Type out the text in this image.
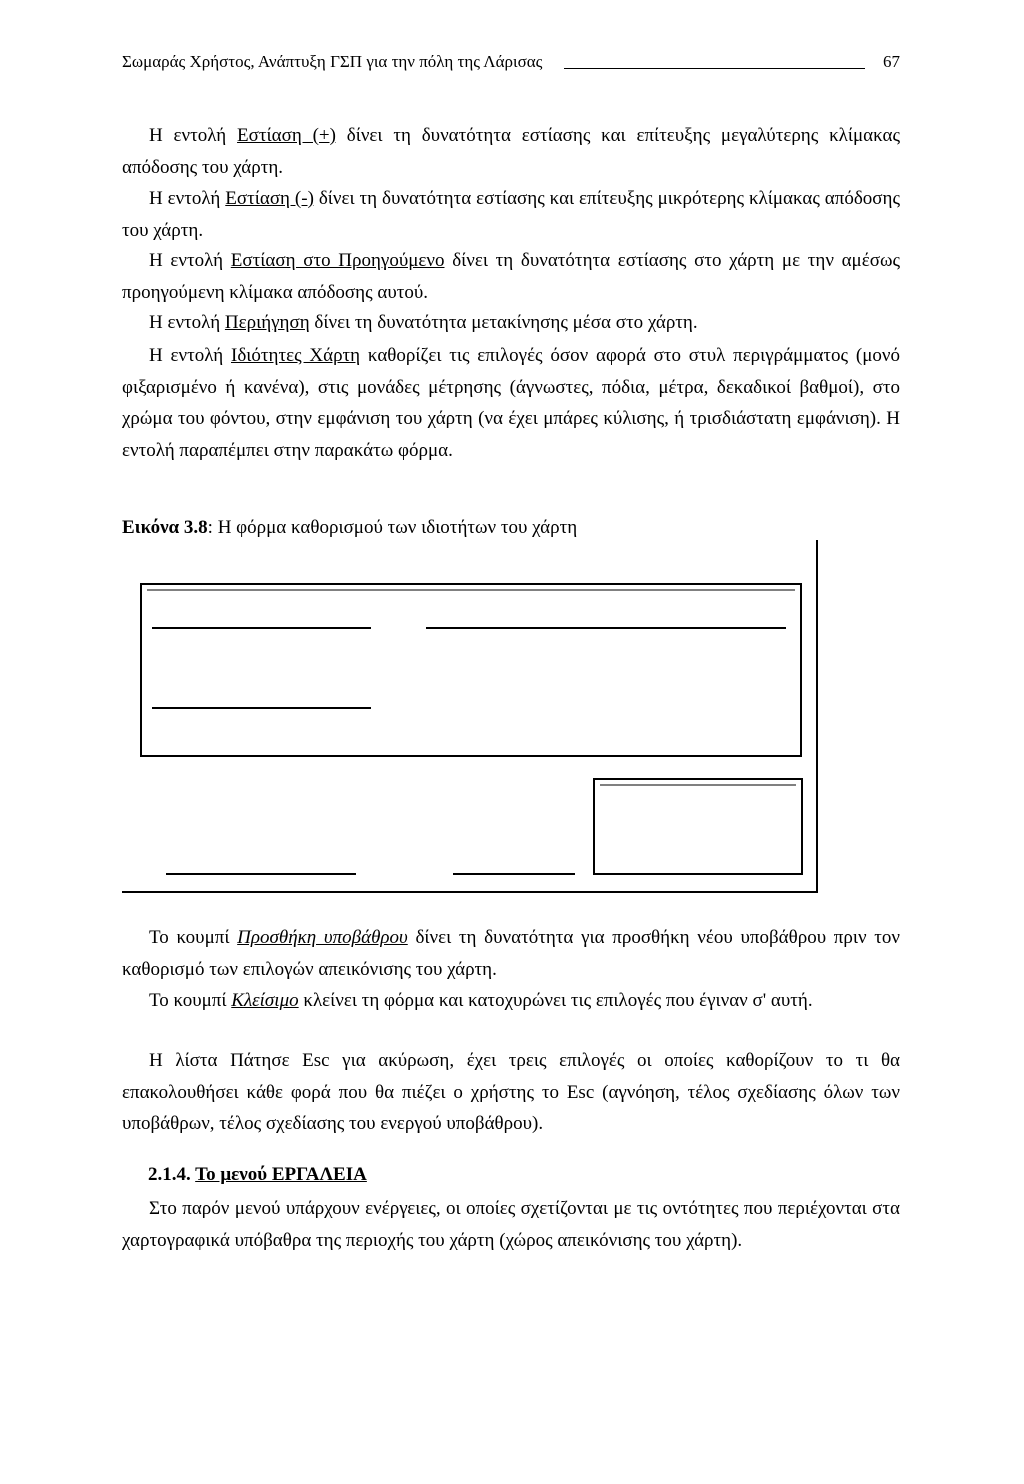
Σωμαράς Χρήστος, Ανάπτυξη ΓΣΠ για την πόλη της Λάρισας	67

Η εντολή Εστίαση (+) δίνει τη δυνατότητα εστίασης και επίτευξης μεγαλύτερης κλίμακας απόδοσης του χάρτη.

Η εντολή Εστίαση (-) δίνει τη δυνατότητα εστίασης και επίτευξης μικρότερης κλίμακας απόδοσης του χάρτη.

Η εντολή Εστίαση στο Προηγούμενο δίνει τη δυνατότητα εστίασης στο χάρτη με την αμέσως προηγούμενη κλίμακα απόδοσης αυτού.

Η εντολή Περιήγηση δίνει τη δυνατότητα μετακίνησης μέσα στο χάρτη.

Η εντολή Ιδιότητες Χάρτη καθορίζει τις επιλογές όσον αφορά στο στυλ περιγράμματος (μονό φιξαρισμένο ή κανένα), στις μονάδες μέτρησης (άγνωστες, πόδια, μέτρα, δεκαδικοί βαθμοί), στο χρώμα του φόντου, στην εμφάνιση του χάρτη (να έχει μπάρες κύλισης, ή τρισδιάστατη εμφάνιση). Η εντολή παραπέμπει στην παρακάτω φόρμα.

Εικόνα 3.8: Η φόρμα καθορισμού των ιδιοτήτων του χάρτη

Το κουμπί Προσθήκη υποβάθρου δίνει τη δυνατότητα για προσθήκη νέου υποβάθρου πριν τον καθορισμό των επιλογών απεικόνισης του χάρτη.

Το κουμπί Κλείσιμο κλείνει τη φόρμα και κατοχυρώνει τις επιλογές που έγιναν σ' αυτή.

Η λίστα Πάτησε Esc για ακύρωση, έχει τρεις επιλογές οι οποίες καθορίζουν το τι θα επακολουθήσει κάθε φορά που θα πιέζει ο χρήστης το Esc (αγνόηση, τέλος σχεδίασης όλων των υποβάθρων, τέλος σχεδίασης του ενεργού υποβάθρου).

2.1.4. Το μενού ΕΡΓΑΛΕΙΑ

Στο παρόν μενού υπάρχουν ενέργειες, οι οποίες σχετίζονται με τις οντότητες που περιέχονται στα χαρτογραφικά υπόβαθρα της περιοχής του χάρτη (χώρος απεικόνισης του χάρτη).
